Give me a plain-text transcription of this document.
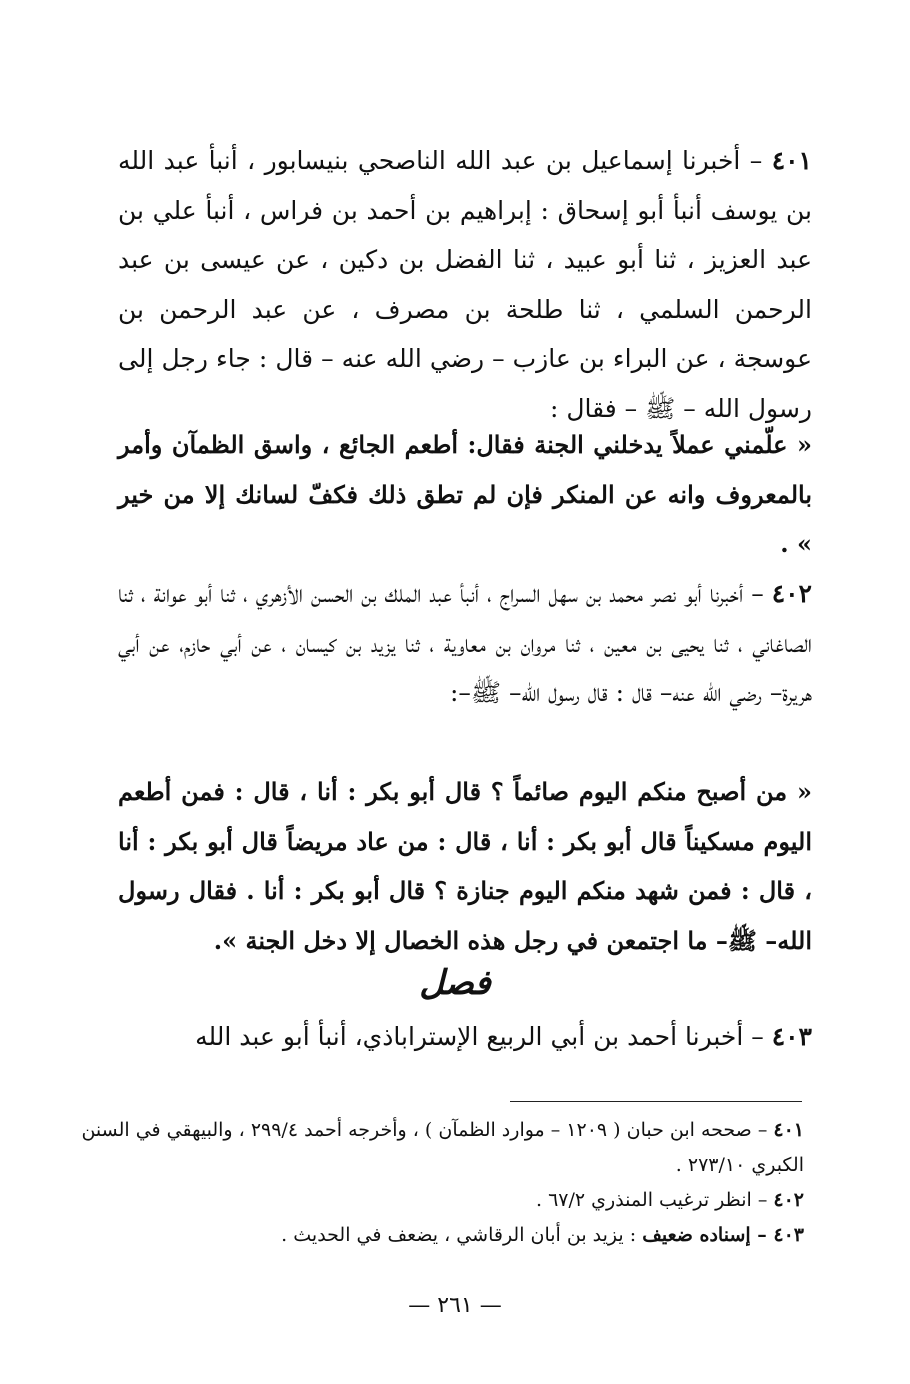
٤٠١ – أخبرنا إسماعيل بن عبد الله الناصحي بنيسابور ، أنبأ عبد الله بن يوسف أنبأ أبو إسحاق : إبراهيم بن أحمد بن فراس ، أنبأ علي بن عبد العزيز ، ثنا أبو عبيد ، ثنا الفضل بن دكين ، عن عيسى بن عبد الرحمن السلمي ، ثنا طلحة بن مصرف ، عن عبد الرحمن بن عوسجة ، عن البراء بن عازب – رضي الله عنه – قال : جاء رجل إلى رسول الله – ﷺ – فقال :

« علّمني عملاً يدخلني الجنة فقال: أطعم الجائع ، واسق الظمآن وأمر بالمعروف وانه عن المنكر فإن لم تطق ذلك فكفّ لسانك إلا من خير » .

٤٠٢ – أخبرنا أبو نصر محمد بن سهل السراج ، أنبأ عبد الملك بن الحسن الأزهري ، ثنا أبو عوانة ، ثنا الصاغاني ، ثنا يحيى بن معين ، ثنا مروان بن معاوية ، ثنا يزيد بن كيسان ، عن أبي حازم، عن أبي هريرة– رضي الله عنه– قال : قال رسول الله– ﷺ–:

« من أصبح منكم اليوم صائماً ؟ قال أبو بكر : أنا ، قال : فمن أطعم اليوم مسكيناً قال أبو بكر : أنا ، قال : من عاد مريضاً قال أبو بكر : أنا ، قال : فمن شهد منكم اليوم جنازة ؟ قال أبو بكر : أنا . فقال رسول الله– ﷺ– ما اجتمعن في رجل هذه الخصال إلا دخل الجنة ».

فصل

٤٠٣ – أخبرنا أحمد بن أبي الربيع الإستراباذي، أنبأ أبو عبد الله

٤٠١ – صححه ابن حبان ( ١٢٠٩ – موارد الظمآن ) ، وأخرجه أحمد ٢٩٩/٤ ، والبيهقي في السنن الكبري ٢٧٣/١٠ .

٤٠٢ – انظر ترغيب المنذري ٦٧/٢ .

٤٠٣ – إسناده ضعيف : يزيد بن أبان الرقاشي ، يضعف في الحديث .

— ٢٦١ —
